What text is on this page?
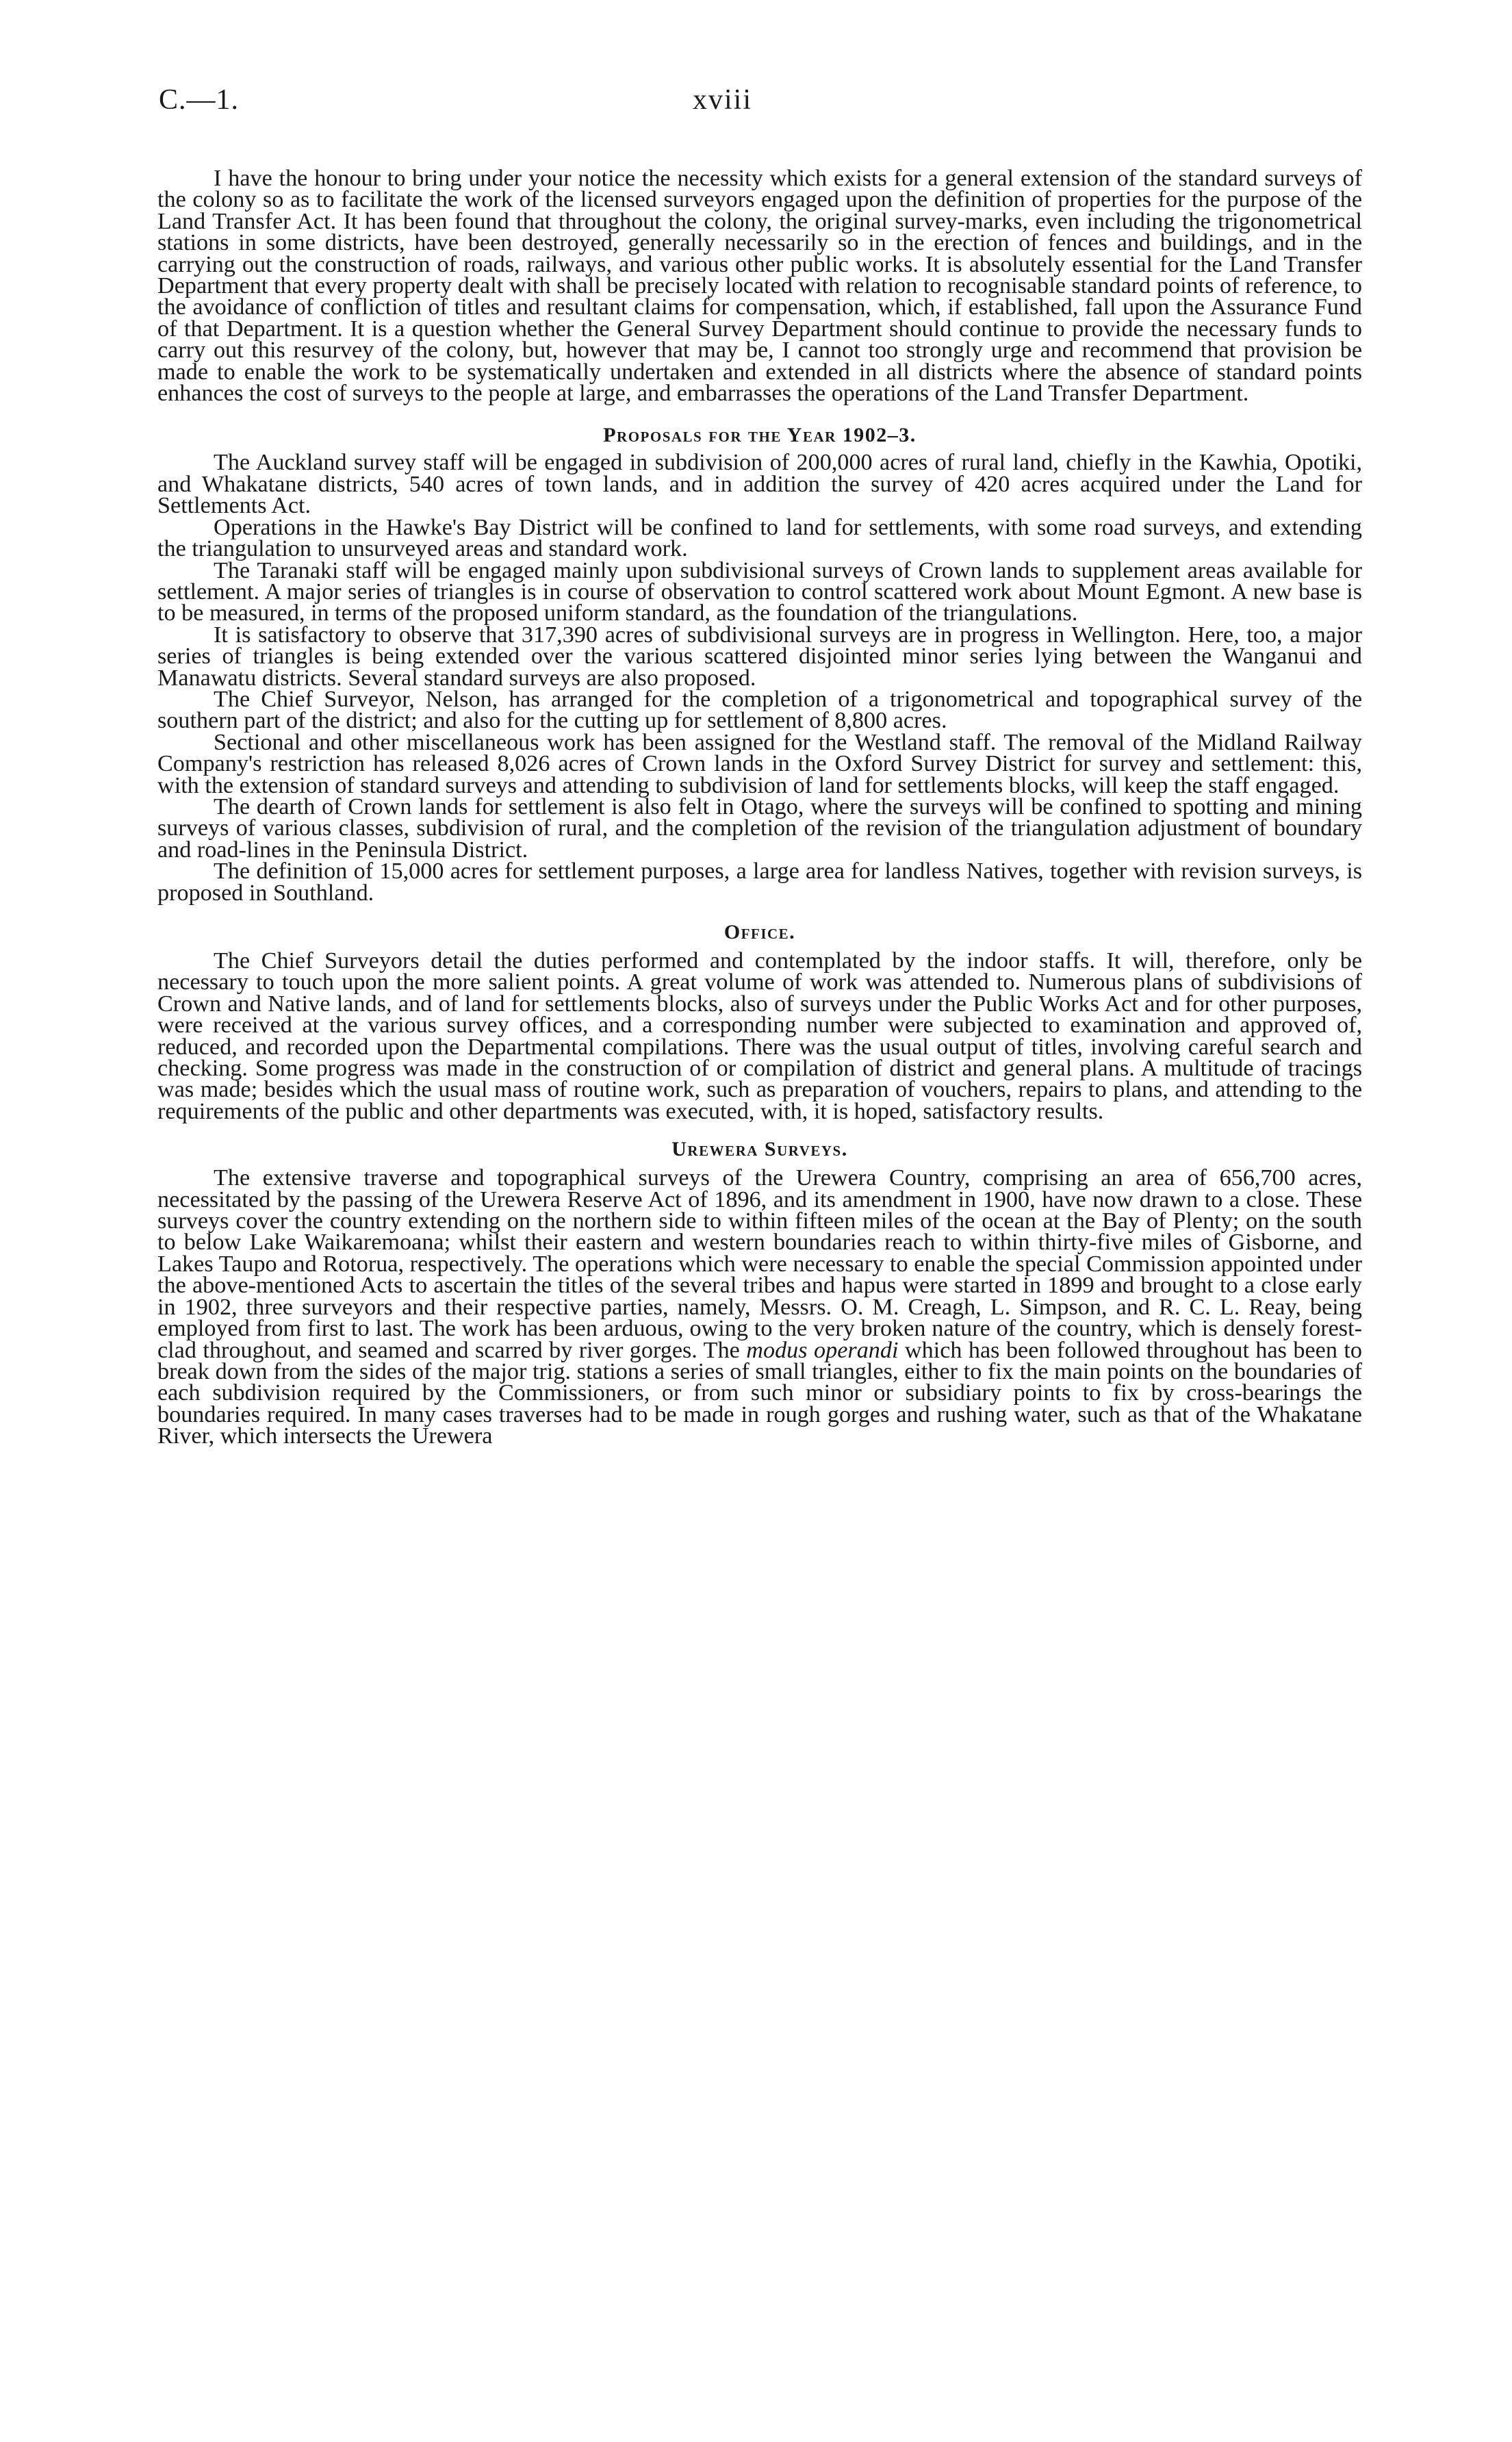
C.—1.	xviii

I have the honour to bring under your notice the necessity which exists for a general extension of the standard surveys of the colony so as to facilitate the work of the licensed surveyors engaged upon the definition of properties for the purpose of the Land Transfer Act. It has been found that throughout the colony, the original survey-marks, even including the trigonometrical stations in some districts, have been destroyed, generally necessarily so in the erection of fences and buildings, and in the carrying out the construction of roads, railways, and various other public works. It is absolutely essential for the Land Transfer Department that every property dealt with shall be precisely located with relation to recognisable standard points of reference, to the avoidance of confliction of titles and resultant claims for compensation, which, if established, fall upon the Assurance Fund of that Department. It is a question whether the General Survey Department should continue to provide the necessary funds to carry out this resurvey of the colony, but, however that may be, I cannot too strongly urge and recommend that provision be made to enable the work to be systematically undertaken and extended in all districts where the absence of standard points enhances the cost of surveys to the people at large, and embarrasses the operations of the Land Transfer Department.

Proposals for the Year 1902–3.

The Auckland survey staff will be engaged in subdivision of 200,000 acres of rural land, chiefly in the Kawhia, Opotiki, and Whakatane districts, 540 acres of town lands, and in addition the survey of 420 acres acquired under the Land for Settlements Act.

Operations in the Hawke's Bay District will be confined to land for settlements, with some road surveys, and extending the triangulation to unsurveyed areas and standard work.

The Taranaki staff will be engaged mainly upon subdivisional surveys of Crown lands to supplement areas available for settlement. A major series of triangles is in course of observation to control scattered work about Mount Egmont. A new base is to be measured, in terms of the proposed uniform standard, as the foundation of the triangulations.

It is satisfactory to observe that 317,390 acres of subdivisional surveys are in progress in Wellington. Here, too, a major series of triangles is being extended over the various scattered disjointed minor series lying between the Wanganui and Manawatu districts. Several standard surveys are also proposed.

The Chief Surveyor, Nelson, has arranged for the completion of a trigonometrical and topographical survey of the southern part of the district; and also for the cutting up for settlement of 8,800 acres.

Sectional and other miscellaneous work has been assigned for the Westland staff. The removal of the Midland Railway Company's restriction has released 8,026 acres of Crown lands in the Oxford Survey District for survey and settlement: this, with the extension of standard surveys and attending to subdivision of land for settlements blocks, will keep the staff engaged.

The dearth of Crown lands for settlement is also felt in Otago, where the surveys will be confined to spotting and mining surveys of various classes, subdivision of rural, and the completion of the revision of the triangulation adjustment of boundary and road-lines in the Peninsula District.

The definition of 15,000 acres for settlement purposes, a large area for landless Natives, together with revision surveys, is proposed in Southland.

Office.

The Chief Surveyors detail the duties performed and contemplated by the indoor staffs. It will, therefore, only be necessary to touch upon the more salient points. A great volume of work was attended to. Numerous plans of subdivisions of Crown and Native lands, and of land for settlements blocks, also of surveys under the Public Works Act and for other purposes, were received at the various survey offices, and a corresponding number were subjected to examination and approved of, reduced, and recorded upon the Departmental compilations. There was the usual output of titles, involving careful search and checking. Some progress was made in the construction of or compilation of district and general plans. A multitude of tracings was made; besides which the usual mass of routine work, such as preparation of vouchers, repairs to plans, and attending to the requirements of the public and other departments was executed, with, it is hoped, satisfactory results.

Urewera Surveys.

The extensive traverse and topographical surveys of the Urewera Country, comprising an area of 656,700 acres, necessitated by the passing of the Urewera Reserve Act of 1896, and its amendment in 1900, have now drawn to a close. These surveys cover the country extending on the northern side to within fifteen miles of the ocean at the Bay of Plenty; on the south to below Lake Waikaremoana; whilst their eastern and western boundaries reach to within thirty-five miles of Gisborne, and Lakes Taupo and Rotorua, respectively. The operations which were necessary to enable the special Commission appointed under the above-mentioned Acts to ascertain the titles of the several tribes and hapus were started in 1899 and brought to a close early in 1902, three surveyors and their respective parties, namely, Messrs. O. M. Creagh, L. Simpson, and R. C. L. Reay, being employed from first to last. The work has been arduous, owing to the very broken nature of the country, which is densely forest-clad throughout, and seamed and scarred by river gorges. The modus operandi which has been followed throughout has been to break down from the sides of the major trig. stations a series of small triangles, either to fix the main points on the boundaries of each subdivision required by the Commissioners, or from such minor or subsidiary points to fix by cross-bearings the boundaries required. In many cases traverses had to be made in rough gorges and rushing water, such as that of the Whakatane River, which intersects the Urewera
